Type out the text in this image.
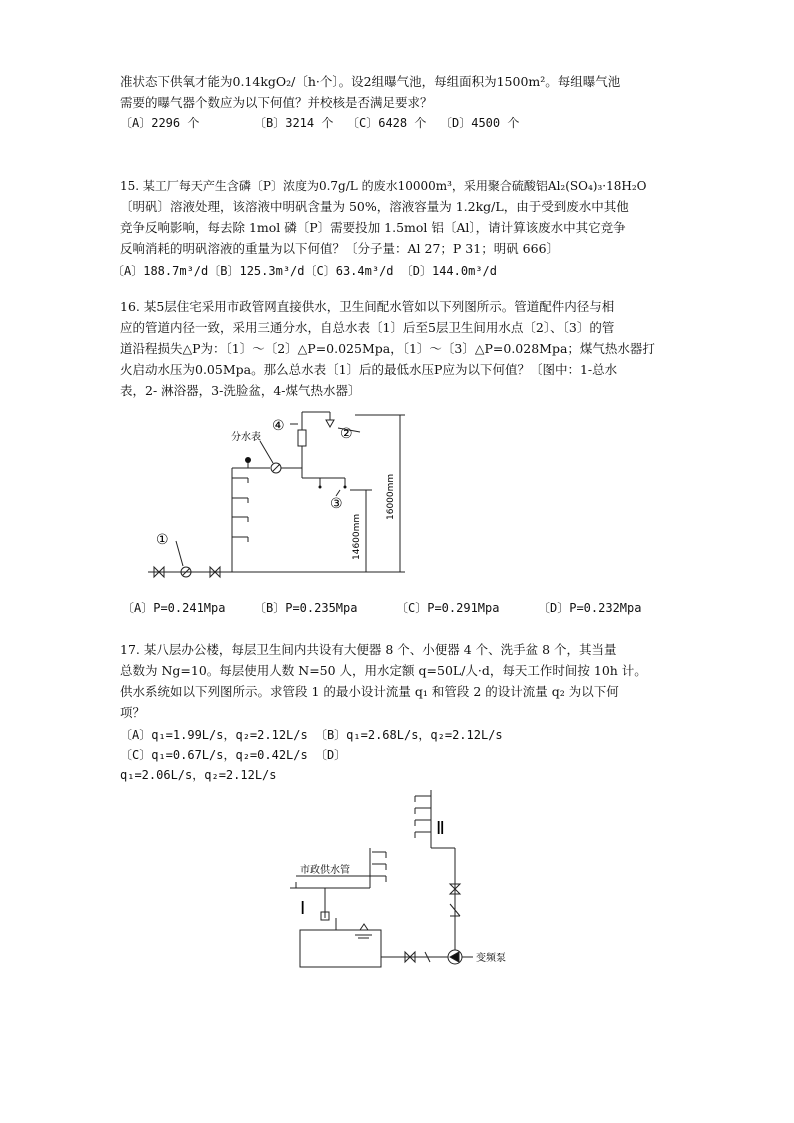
准状态下供氧才能为0.14kgO₂/〔h·个〕。设2组曝气池，每组面积为1500m²。每组曝气池
需要的曝气器个数应为以下何值？并校核是否满足要求？
〔A〕2296 个	〔B〕3214 个 〔C〕6428 个 〔D〕4500 个
15. 某工厂每天产生含磷〔P〕浓度为0.7g/L 的废水10000m³，采用聚合硫酸铝Al₂(SO₄)₃·18H₂O
〔明矾〕溶液处理，该溶液中明矾含量为 50%，溶液容量为 1.2kg/L，由于受到废水中其他
竞争反响影响，每去除 1mol 磷〔P〕需要投加 1.5mol 铝〔Al〕，请计算该废水中其它竞争
反响消耗的明矾溶液的重量为以下何值？〔分子量：Al 27；P 31；明矾 666〕
〔A〕188.7m³/d〔B〕125.3m³/d〔C〕63.4m³/d 〔D〕144.0m³/d
16. 某5层住宅采用市政管网直接供水，卫生间配水管如以下列图所示。管道配件内径与相
应的管道内径一致，采用三通分水，自总水表〔1〕后至5层卫生间用水点〔2〕、〔3〕的管
道沿程损失△P为：〔1〕～〔2〕△P=0.025Mpa，〔1〕～〔3〕△P=0.028Mpa；煤气热水器打
火启动水压为0.05Mpa。那么总水表〔1〕后的最低水压P应为以下何值？〔图中：1-总水
表，2- 淋浴器，3-洗脸盆，4-煤气热水器〕
分水表
④	②
③
①
16000mm
14600mm
〔A〕P=0.241Mpa 〔B〕P=0.235Mpa	〔C〕P=0.291Mpa	〔D〕P=0.232Mpa
17. 某八层办公楼，每层卫生间内共设有大便器 8 个、小便器 4 个、洗手盆 8 个，其当量
总数为 Ng=10。每层使用人数 N=50 人，用水定额 q=50L/人·d，每天工作时间按 10h 计。
供水系统如以下列图所示。求管段 1 的最小设计流量 q₁ 和管段 2 的设计流量 q₂ 为以下何
项？
〔A〕q₁=1.99L/s，q₂=2.12L/s 〔B〕q₁=2.68L/s，q₂=2.12L/s
〔C〕q₁=0.67L/s，q₂=0.42L/s 〔D〕
q₁=2.06L/s，q₂=2.12L/s
市政供水管
变频泵
Ⅰ
Ⅱ
